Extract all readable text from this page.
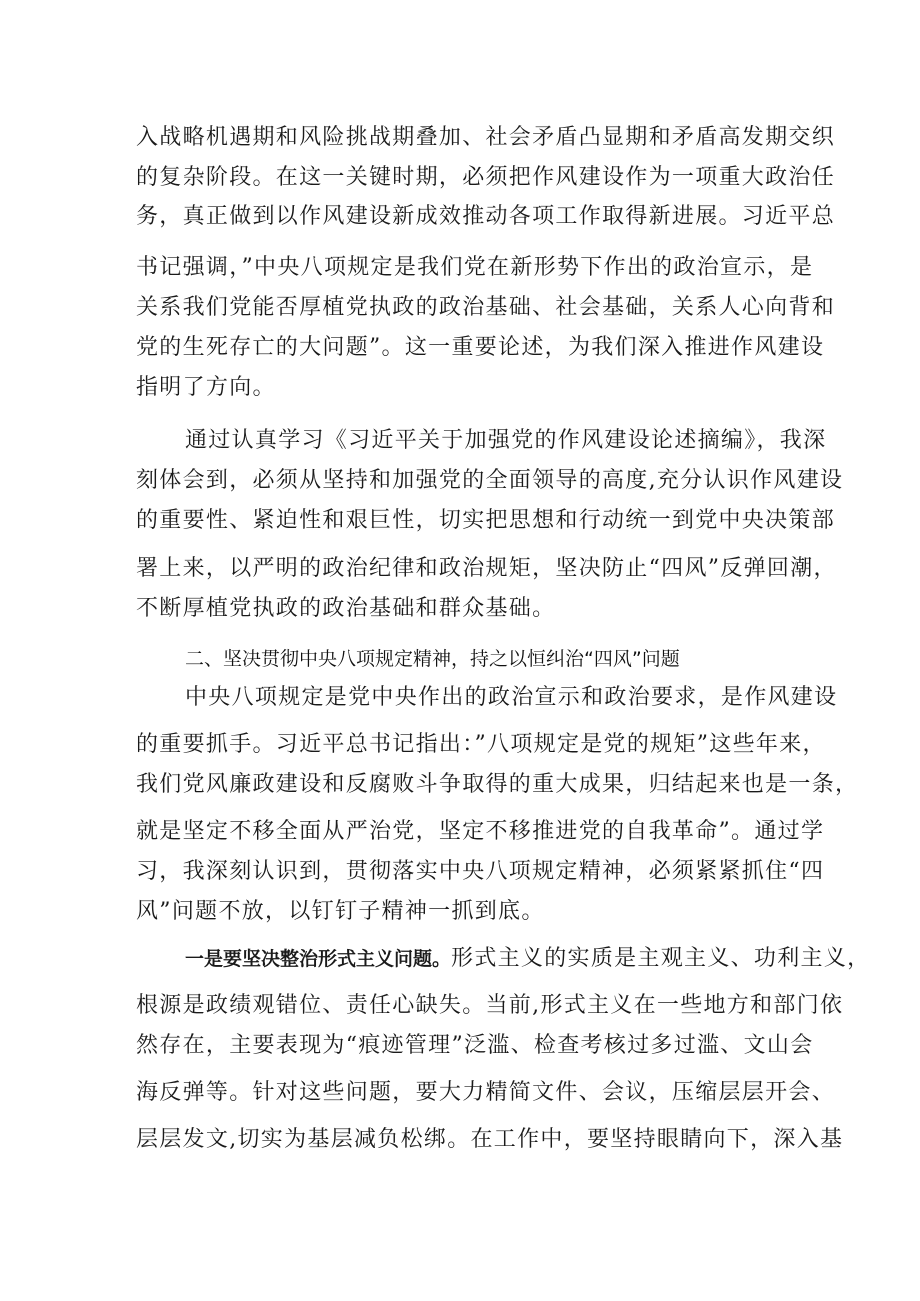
入战略机遇期和风险挑战期叠加、社会矛盾凸显期和矛盾高发期交织
的复杂阶段。在这一关键时期，必须把作风建设作为一项重大政治任
务，真正做到以作风建设新成效推动各项工作取得新进展。习近平总
书记强调，”中央八项规定是我们党在新形势下作出的政治宣示，是
关系我们党能否厚植党执政的政治基础、社会基础，关系人心向背和
党的生死存亡的大问题”。这一重要论述，为我们深入推进作风建设
指明了方向。
通过认真学习《习近平关于加强党的作风建设论述摘编》，我深
刻体会到，必须从坚持和加强党的全面领导的高度,充分认识作风建设
的重要性、紧迫性和艰巨性，切实把思想和行动统一到党中央决策部
署上来，以严明的政治纪律和政治规矩，坚决防止“四风”反弹回潮，
不断厚植党执政的政治基础和群众基础。
二、坚决贯彻中央八项规定精神，持之以恒纠治“四风”问题
中央八项规定是党中央作出的政治宣示和政治要求，是作风建设
的重要抓手。习近平总书记指出：”八项规定是党的规矩”这些年来，
我们党风廉政建设和反腐败斗争取得的重大成果，归结起来也是一条，
就是坚定不移全面从严治党，坚定不移推进党的自我革命”。通过学
习，我深刻认识到，贯彻落实中央八项规定精神，必须紧紧抓住“四
风”问题不放，以钉钉子精神一抓到底。
一是要坚决整治形式主义问题。形式主义的实质是主观主义、功利主义，
根源是政绩观错位、责任心缺失。当前,形式主义在一些地方和部门依
然存在，主要表现为“痕迹管理”泛滥、检查考核过多过滥、文山会
海反弹等。针对这些问题，要大力精简文件、会议，压缩层层开会、
层层发文,切实为基层减负松绑。在工作中，要坚持眼睛向下，深入基
